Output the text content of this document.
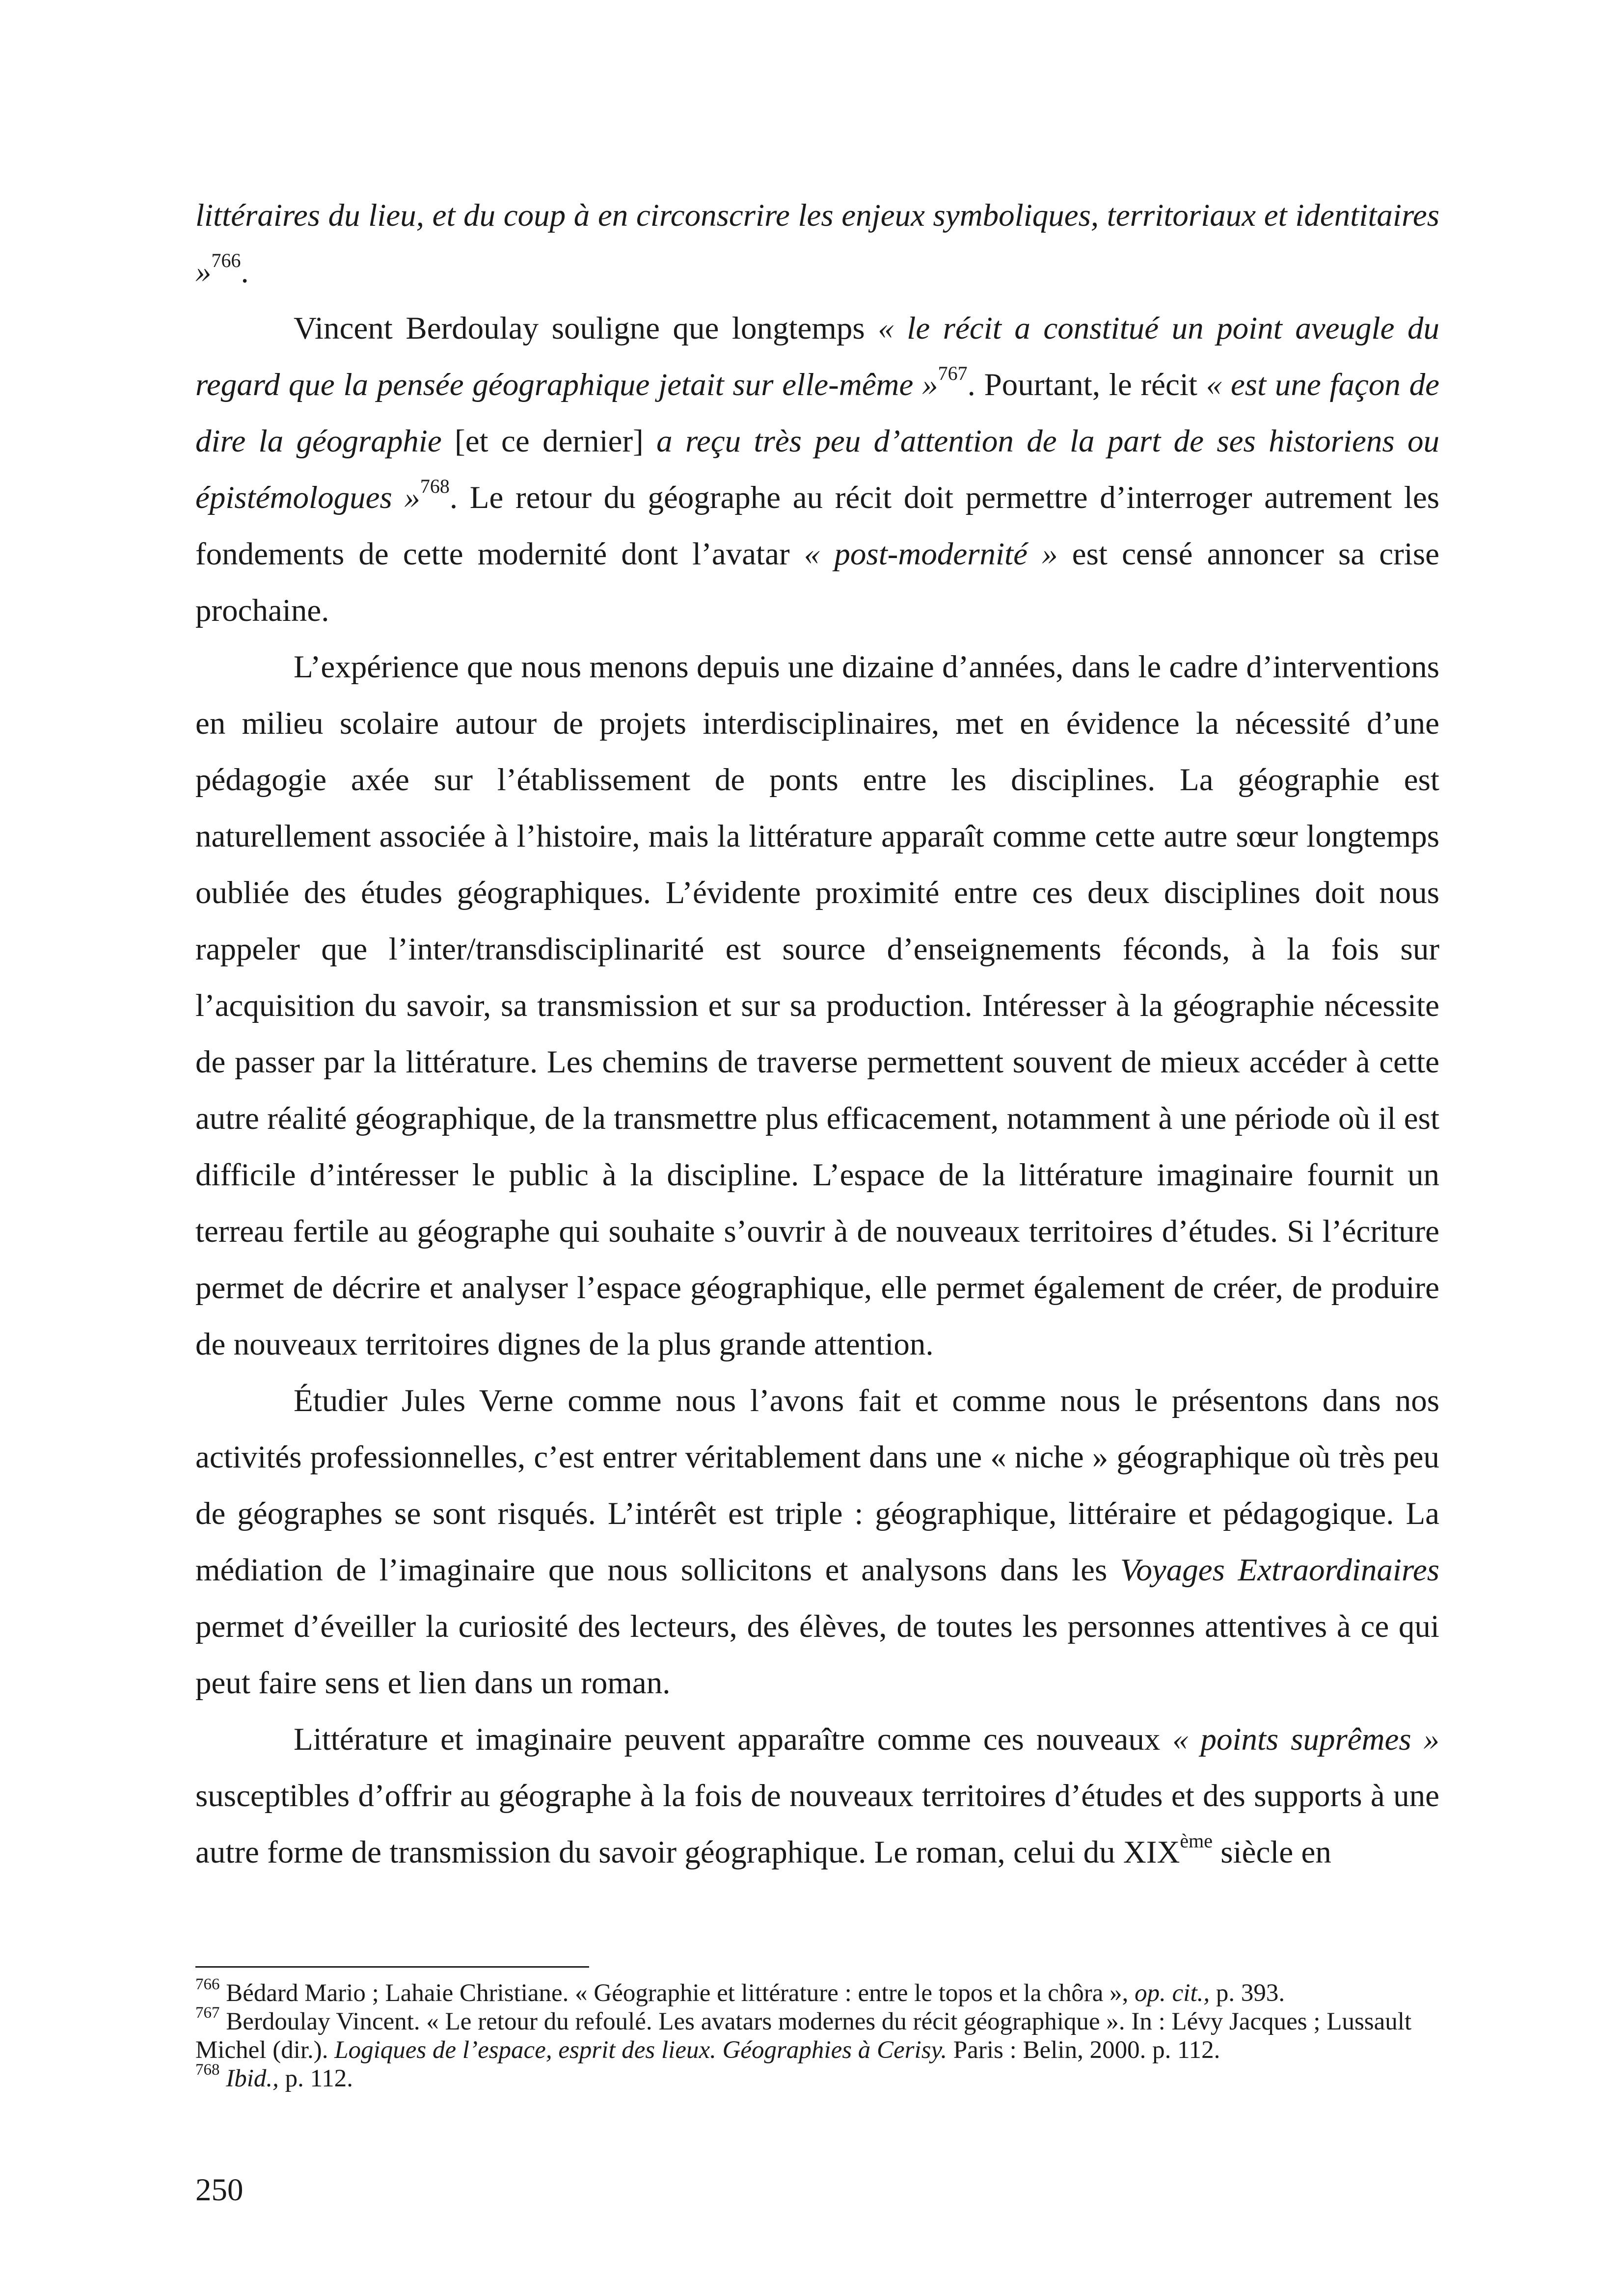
littéraires du lieu, et du coup à en circonscrire les enjeux symboliques, territoriaux et identitaires »$^{766}$.

Vincent Berdoulay souligne que longtemps « le récit a constitué un point aveugle du regard que la pensée géographique jetait sur elle-même »$^{767}$. Pourtant, le récit « est une façon de dire la géographie [et ce dernier] a reçu très peu d’attention de la part de ses historiens ou épistémologues »$^{768}$. Le retour du géographe au récit doit permettre d’interroger autrement les fondements de cette modernité dont l’avatar « post-modernité » est censé annoncer sa crise prochaine.

L’expérience que nous menons depuis une dizaine d’années, dans le cadre d’interventions en milieu scolaire autour de projets interdisciplinaires, met en évidence la nécessité d’une pédagogie axée sur l’établissement de ponts entre les disciplines. La géographie est naturellement associée à l’histoire, mais la littérature apparaît comme cette autre sœur longtemps oubliée des études géographiques. L’évidente proximité entre ces deux disciplines doit nous rappeler que l’inter/transdisciplinarité est source d’enseignements féconds, à la fois sur l’acquisition du savoir, sa transmission et sur sa production. Intéresser à la géographie nécessite de passer par la littérature. Les chemins de traverse permettent souvent de mieux accéder à cette autre réalité géographique, de la transmettre plus efficacement, notamment à une période où il est difficile d’intéresser le public à la discipline. L’espace de la littérature imaginaire fournit un terreau fertile au géographe qui souhaite s’ouvrir à de nouveaux territoires d’études. Si l’écriture permet de décrire et analyser l’espace géographique, elle permet également de créer, de produire de nouveaux territoires dignes de la plus grande attention.

Étudier Jules Verne comme nous l’avons fait et comme nous le présentons dans nos activités professionnelles, c’est entrer véritablement dans une « niche » géographique où très peu de géographes se sont risqués. L’intérêt est triple : géographique, littéraire et pédagogique. La médiation de l’imaginaire que nous sollicitons et analysons dans les Voyages Extraordinaires permet d’éveiller la curiosité des lecteurs, des élèves, de toutes les personnes attentives à ce qui peut faire sens et lien dans un roman.

Littérature et imaginaire peuvent apparaître comme ces nouveaux « points suprêmes » susceptibles d’offrir au géographe à la fois de nouveaux territoires d’études et des supports à une autre forme de transmission du savoir géographique. Le roman, celui du XIXème siècle en

$^{766}$ Bédard Mario ; Lahaie Christiane. « Géographie et littérature : entre le topos et la chôra », op. cit., p. 393.

$^{767}$ Berdoulay Vincent. « Le retour du refoulé. Les avatars modernes du récit géographique ». In : Lévy Jacques ; Lussault Michel (dir.). Logiques de l’espace, esprit des lieux. Géographies à Cerisy. Paris : Belin, 2000. p. 112.

$^{768}$ Ibid., p. 112.

250
